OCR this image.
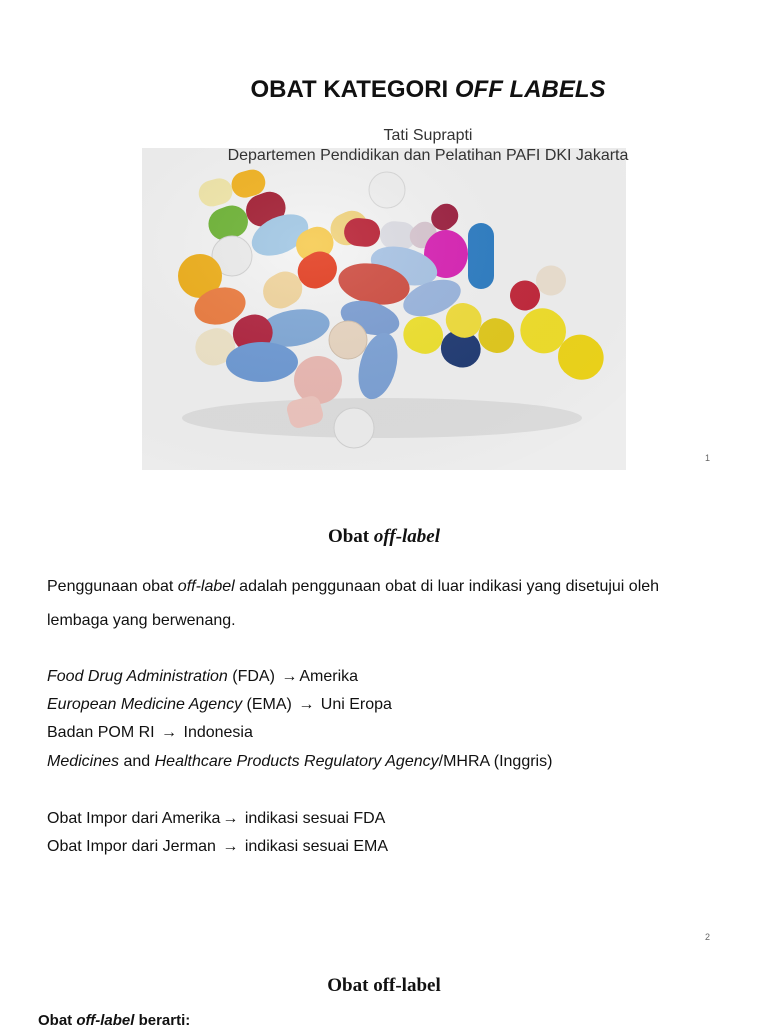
OBAT KATEGORI OFF LABELS
Tati Suprapti
Departemen Pendidikan dan Pelatihan PAFI DKI Jakarta
1
Obat off-label
Penggunaan obat off-label adalah penggunaan obat di luar indikasi yang disetujui oleh
lembaga yang berwenang.
Food Drug Administration (FDA) → Amerika
European Medicine Agency (EMA) → Uni Eropa
Badan POM RI → Indonesia
Medicines and Healthcare Products Regulatory Agency/MHRA (Inggris)
Obat Impor dari Amerika → indikasi sesuai FDA
Obat Impor dari Jerman → indikasi sesuai EMA
2
Obat off-label
Obat off-label berarti:
